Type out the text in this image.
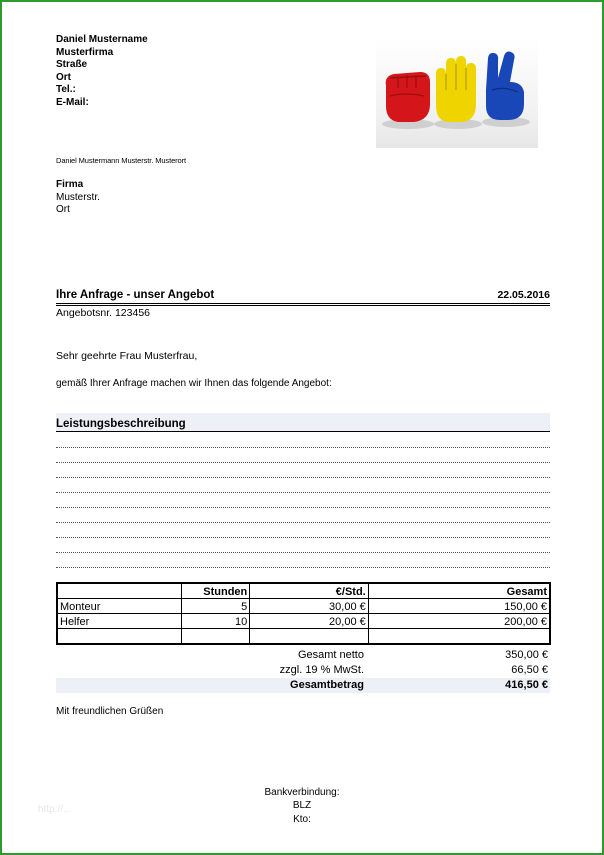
Daniel Mustername
Musterfirma
Straße
Ort
Tel.:
E-Mail:
Daniel Mustermann Musterstr. Musterort
Firma
Musterstr.
Ort
Ihre Anfrage - unser Angebot	22.05.2016
Angebotsnr. 123456
Sehr geehrte Frau Musterfrau,
gemäß Ihrer Anfrage machen wir Ihnen das folgende Angebot:
Leistungsbeschreibung
	Stunden	€/Std.	Gesamt
Monteur	5	30,00 €	150,00 €
Helfer	10	20,00 €	200,00 €

Gesamt netto	350,00 €
zzgl. 19 % MwSt.	66,50 €
Gesamtbetrag	416,50 €
Mit freundlichen Grüßen
http://...
Bankverbindung:
BLZ
Kto:
